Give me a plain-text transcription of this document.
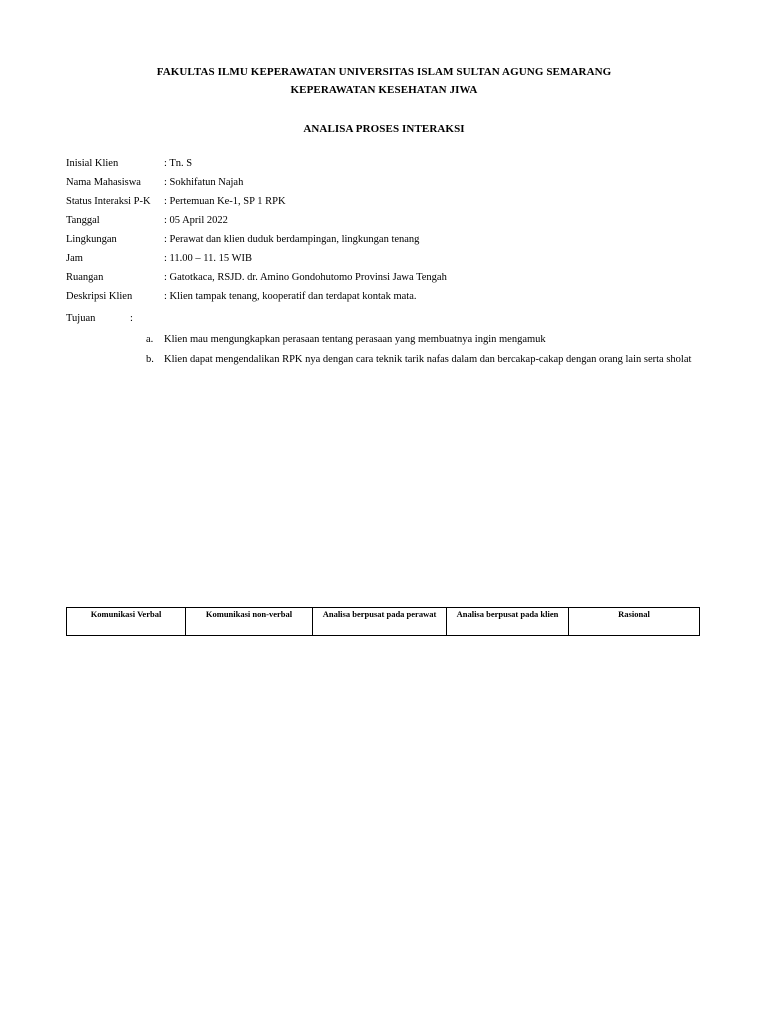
FAKULTAS ILMU KEPERAWATAN UNIVERSITAS ISLAM SULTAN AGUNG SEMARANG
KEPERAWATAN KESEHATAN JIWA
ANALISA PROSES INTERAKSI
Inisial Klien	: Tn. S
Nama Mahasiswa : Sokhifatun Najah
Status Interaksi P-K : Pertemuan Ke-1, SP 1 RPK
Tanggal	: 05 April 2022
Lingkungan	: Perawat dan klien duduk berdampingan, lingkungan tenang
Jam	: 11.00 – 11. 15 WIB
Ruangan	: Gatotkaca, RSJD. dr. Amino Gondohutomo Provinsi Jawa Tengah
Deskripsi Klien	: Klien tampak tenang, kooperatif dan terdapat kontak mata.
Tujuan	:
a. Klien mau mengungkapkan perasaan tentang perasaan yang membuatnya ingin mengamuk
b. Klien dapat mengendalikan RPK nya dengan cara teknik tarik nafas dalam dan bercakap-cakap dengan orang lain serta sholat
Komunikasi Verbal	Komunikasi non-verbal	Analisa berpusat pada perawat	Analisa berpusat pada klien	Rasional
